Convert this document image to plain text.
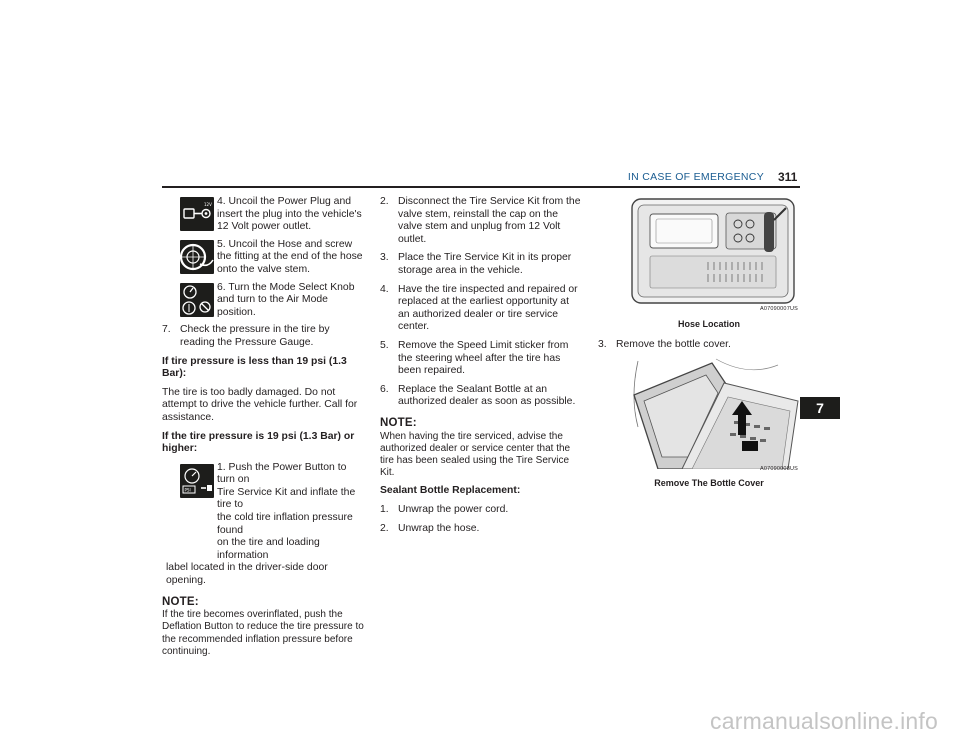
IN CASE OF EMERGENCY 311
12V 4. Uncoil the Power Plug and insert the plug into the vehicle's 12 Volt power outlet.
5. Uncoil the Hose and screw the fitting at the end of the hose onto the valve stem.
6. Turn the Mode Select Knob and turn to the Air Mode position.
7. Check the pressure in the tire by reading the Pressure Gauge.

If tire pressure is less than 19 psi (1.3 Bar):

The tire is too badly damaged. Do not attempt to drive the vehicle further. Call for assistance.

If the tire pressure is 19 psi (1.3 Bar) or higher:

PSI
1. Push the Power Button to turn on
Tire Service Kit and inflate the tire to
the cold tire inflation pressure found
on the tire and loading information
label located in the driver-side door opening.
NOTE:

If the tire becomes overinflated, push the Deflation Button to reduce the tire pressure to the recommended inflation pressure before continuing.

2. Disconnect the Tire Service Kit from the valve stem, reinstall the cap on the valve stem and unplug from 12 Volt outlet.
3. Place the Tire Service Kit in its proper storage area in the vehicle.
4. Have the tire inspected and repaired or replaced at the earliest opportunity at an authorized dealer or tire service center.
5. Remove the Speed Limit sticker from the steering wheel after the tire has been repaired.
6. Replace the Sealant Bottle at an authorized dealer as soon as possible.
NOTE:

When having the tire serviced, advise the authorized dealer or service center that the tire has been sealed using the Tire Service Kit.

Sealant Bottle Replacement:

1. Unwrap the power cord.
2. Unwrap the hose.
A07090007US
Hose Location
3. Remove the bottle cover.
A07090008US
Remove The Bottle Cover
7
carmanualsonline.info
